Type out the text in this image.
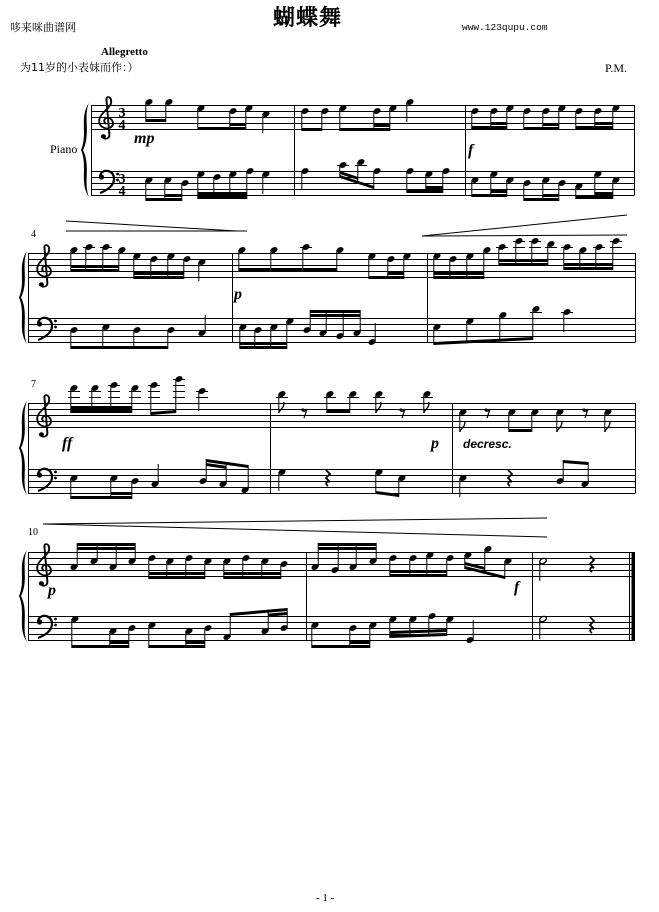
哆来咪曲谱网	蝴蝶舞	www.123qupu.com
Allegretto
为11岁的小表妹而作：）	P.M.
Piano
4
7
10
3
4
3
4
mp
f
p
ff	p decresc.
p	f
- 1 -
